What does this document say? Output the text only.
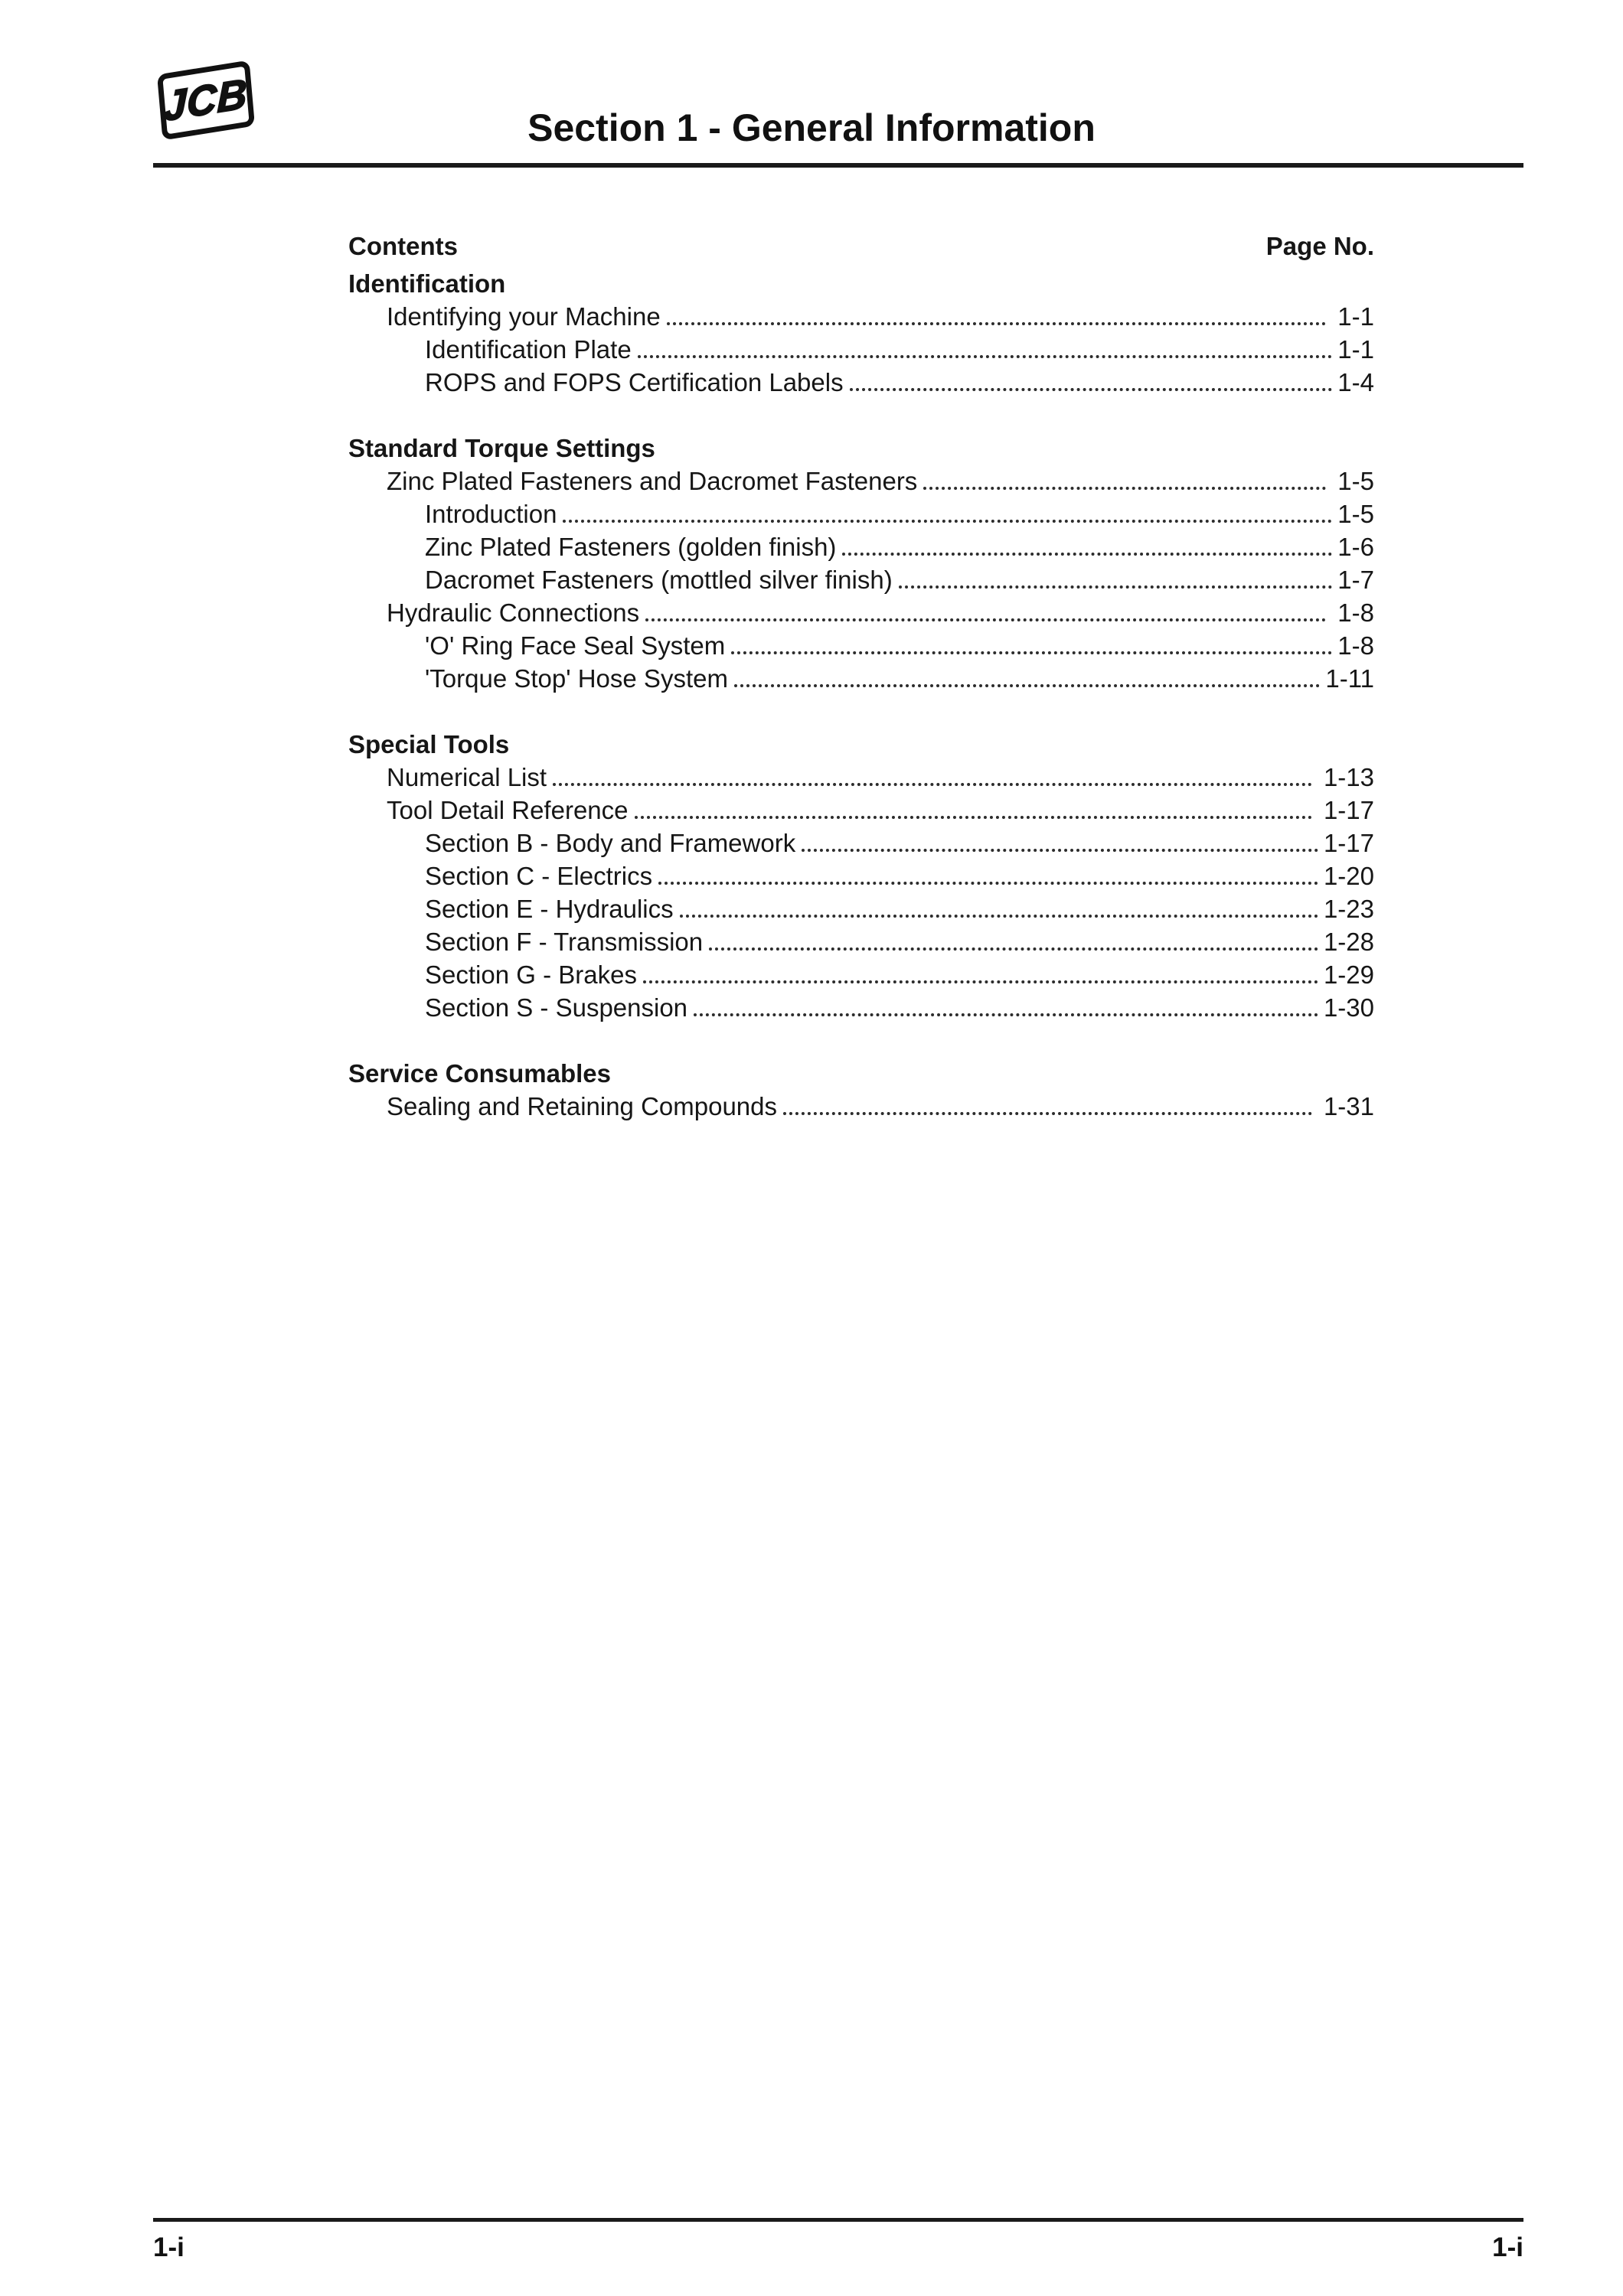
JCB	Section 1 - General Information
Contents	Page No.
Identification
Identifying your Machine	1-1
Identification Plate	1-1
ROPS and FOPS Certification Labels	1-4
Standard Torque Settings
Zinc Plated Fasteners and Dacromet Fasteners	1-5
Introduction	1-5
Zinc Plated Fasteners (golden finish)	1-6
Dacromet Fasteners (mottled silver finish)	1-7
Hydraulic Connections	1-8
'O' Ring Face Seal System	1-8
'Torque Stop' Hose System	1-11
Special Tools
Numerical List	1-13
Tool Detail Reference	1-17
Section B - Body and Framework	1-17
Section C - Electrics	1-20
Section E - Hydraulics	1-23
Section F - Transmission	1-28
Section G - Brakes	1-29
Section S - Suspension	1-30
Service Consumables
Sealing and Retaining Compounds	1-31
1-i	1-i
